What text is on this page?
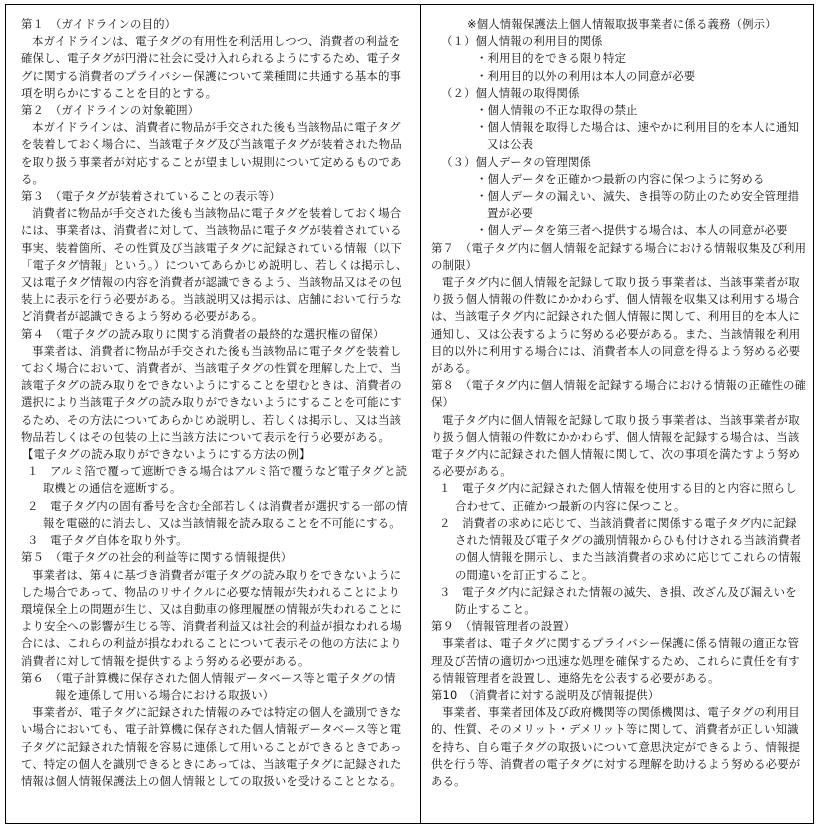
第１　（ガイドラインの目的）

本ガイドラインは、電子タグの有用性を利活用しつつ、消費者の利益を確保し、電子タグが円滑に社会に受け入れられるようにするため、電子タグに関する消費者のプライバシー保護について業種間に共通する基本的事項を明らかにすることを目的とする。

第２　（ガイドラインの対象範囲）

本ガイドラインは、消費者に物品が手交された後も当該物品に電子タグを装着しておく場合に、当該電子タグ及び当該電子タグが装着された物品を取り扱う事業者が対応することが望ましい規則について定めるものである。

第３　（電子タグが装着されていることの表示等）

消費者に物品が手交された後も当該物品に電子タグを装着しておく場合には、事業者は、消費者に対して、当該物品に電子タグが装着されている事実、装着箇所、その性質及び当該電子タグに記録されている情報（以下「電子タグ情報」という。）についてあらかじめ説明し、若しくは掲示し、又は電子タグ情報の内容を消費者が認識できるよう、当該物品又はその包装上に表示を行う必要がある。当該説明又は掲示は、店舗において行うなど消費者が認識できるよう努める必要がある。

第４　（電子タグの読み取りに関する消費者の最終的な選択権の留保）

事業者は、消費者に物品が手交された後も当該物品に電子タグを装着しておく場合において、消費者が、当該電子タグの性質を理解した上で、当該電子タグの読み取りをできないようにすることを望むときは、消費者の選択により当該電子タグの読み取りができないようにすることを可能にするため、その方法についてあらかじめ説明し、若しくは掲示し、又は当該物品若しくはその包装の上に当該方法について表示を行う必要がある。

【電子タグの読み取りができないようにする方法の例】

１　アルミ箔で覆って遮断できる場合はアルミ箔で覆うなど電子タグと読取機との通信を遮断する。

２　電子タグ内の固有番号を含む全部若しくは消費者が選択する一部の情報を電磁的に消去し、又は当該情報を読み取ることを不可能にする。

３　電子タグ自体を取り外す。

第５　（電子タグの社会的利益等に関する情報提供）

事業者は、第４に基づき消費者が電子タグの読み取りをできないようにした場合であって、物品のリサイクルに必要な情報が失われることにより環境保全上の問題が生じ、又は自動車の修理履歴の情報が失われることにより安全への影響が生じる等、消費者利益又は社会的利益が損なわれる場合には、これらの利益が損なわれることについて表示その他の方法により消費者に対して情報を提供するよう努める必要がある。

第６　（電子計算機に保存された個人情報データベース等と電子タグの情

報を連係して用いる場合における取扱い）

事業者が、電子タグに記録された情報のみでは特定の個人を識別できない場合においても、電子計算機に保存された個人情報データベース等と電子タグに記録された情報を容易に連係して用いることができるときであって、特定の個人を識別できるときにあっては、当該電子タグに記録された情報は個人情報保護法上の個人情報としての取扱いを受けることとなる。

※個人情報保護法上個人情報取扱事業者に係る義務（例示）

（１）個人情報の利用目的関係

・利用目的をできる限り特定

・利用目的以外の利用は本人の同意が必要

（２）個人情報の取得関係

・個人情報の不正な取得の禁止

・個人情報を取得した場合は、速やかに利用目的を本人に通知又は公表

（３）個人データの管理関係

・個人データを正確かつ最新の内容に保つように努める

・個人データの漏えい、滅失、き損等の防止のため安全管理措置が必要

・個人データを第三者へ提供する場合は、本人の同意が必要

第７　（電子タグ内に個人情報を記録する場合における情報収集及び利用の制限）

電子タグ内に個人情報を記録して取り扱う事業者は、当該事業者が取り扱う個人情報の件数にかかわらず、個人情報を収集又は利用する場合は、当該電子タグ内に記録された個人情報に関して、利用目的を本人に通知し、又は公表するように努める必要がある。また、当該情報を利用目的以外に利用する場合には、消費者本人の同意を得るよう努める必要がある。

第８　（電子タグ内に個人情報を記録する場合における情報の正確性の確保）

電子タグ内に個人情報を記録して取り扱う事業者は、当該事業者が取り扱う個人情報の件数にかかわらず、個人情報を記録する場合は、当該電子タグ内に記録された個人情報に関して、次の事項を満たすよう努める必要がある。

１　電子タグ内に記録された個人情報を使用する目的と内容に照らし合わせて、正確かつ最新の内容に保つこと。

２　消費者の求めに応じて、当該消費者に関係する電子タグ内に記録された情報及び電子タグの識別情報からひも付けされる当該消費者の個人情報を開示し、また当該消費者の求めに応じてこれらの情報の間違いを訂正すること。

３　電子タグ内に記録された情報の滅失、き損、改ざん及び漏えいを防止すること。

第９　（情報管理者の設置）

事業者は、電子タグに関するプライバシー保護に係る情報の適正な管理及び苦情の適切かつ迅速な処理を確保するため、これらに責任を有する情報管理者を設置し、連絡先を公表する必要がある。

第10　（消費者に対する説明及び情報提供）

事業者、事業者団体及び政府機関等の関係機関は、電子タグの利用目的、性質、そのメリット・デメリット等に関して、消費者が正しい知識を持ち、自ら電子タグの取扱いについて意思決定ができるよう、情報提供を行う等、消費者の電子タグに対する理解を助けるよう努める必要がある。
